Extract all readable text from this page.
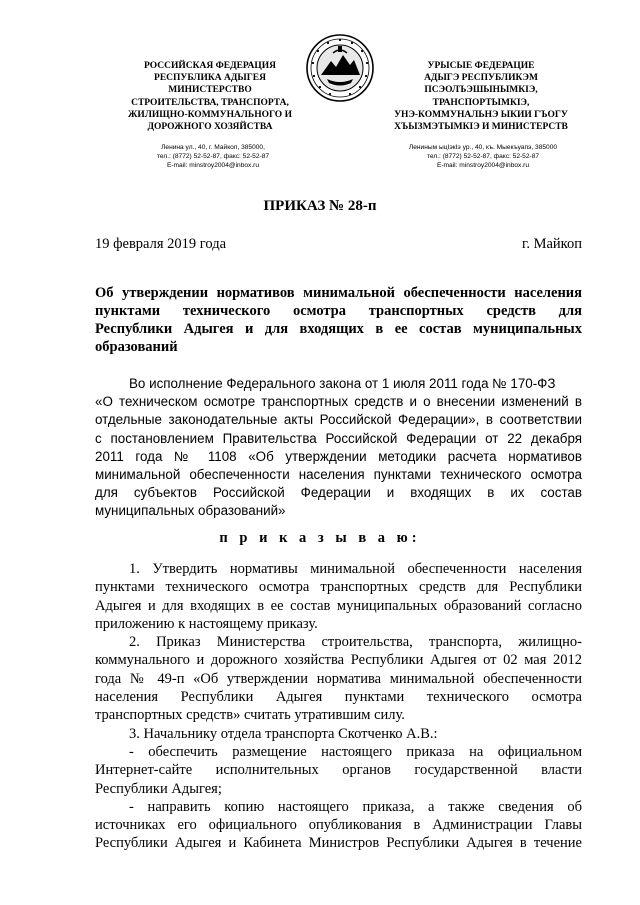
РОССИЙСКАЯ ФЕДЕРАЦИЯ
РЕСПУБЛИКА АДЫГЕЯ
МИНИСТЕРСТВО
СТРОИТЕЛЬСТВА, ТРАНСПОРТА,
ЖИЛИЩНО-КОММУНАЛЬНОГО И
ДОРОЖНОГО ХОЗЯЙСТВА
УРЫСЫЕ ФЕДЕРАЦИЕ
АДЫГЭ РЕСПУБЛИКЭМ
ПСЭОЛЪЭШЫНЫМКIЭ,
ТРАНСПОРТЫМКIЭ,
УНЭ-КОММУНАЛЬНЭ ЫКИИ ГЪОГУ
ХЪЫЗМЭТЫМКIЭ И МИНИСТЕРСТВ
Ленина ул., 40, г. Майкоп, 385000,
тел.: (8772) 52-52-87, факс: 52-52-87
E-mail: minstroy2004@inbox.ru
Лениным ыцIэкIэ ур., 40, къ. Мыекъуапэ, 385000
тел.: (8772) 52-52-87, факс: 52-52-87
E-mail: minstroy2004@inbox.ru
ПРИКАЗ № 28-п
19 февраля 2019 года	г. Майкоп
Об утверждении нормативов минимальной обеспеченности населения
пунктами технического осмотра транспортных средств для
Республики Адыгея и для входящих в ее состав муниципальных
образований
Во исполнение Федерального закона от 1 июля 2011 года № 170-ФЗ
«О техническом осмотре транспортных средств и о внесении изменений в
отдельные законодательные акты Российской Федерации», в соответствии
с постановлением Правительства Российской Федерации от 22 декабря
2011 года № 1108 «Об утверждении методики расчета нормативов
минимальной обеспеченности населения пунктами технического осмотра
для субъектов Российской Федерации и входящих в их состав
муниципальных образований»
п р и к а з ы в а ю:
1. Утвердить нормативы минимальной обеспеченности населения
пунктами технического осмотра транспортных средств для Республики
Адыгея и для входящих в ее состав муниципальных образований согласно
приложению к настоящему приказу.
2. Приказ Министерства строительства, транспорта, жилищно-
коммунального и дорожного хозяйства Республики Адыгея от 02 мая 2012
года № 49-п «Об утверждении норматива минимальной обеспеченности
населения Республики Адыгея пунктами технического осмотра
транспортных средств» считать утратившим силу.
3. Начальнику отдела транспорта Скотченко А.В.:
- обеспечить размещение настоящего приказа на официальном
Интернет-сайте исполнительных органов государственной власти
Республики Адыгея;
- направить копию настоящего приказа, а также сведения об
источниках его официального опубликования в Администрации Главы
Республики Адыгея и Кабинета Министров Республики Адыгея в течение
